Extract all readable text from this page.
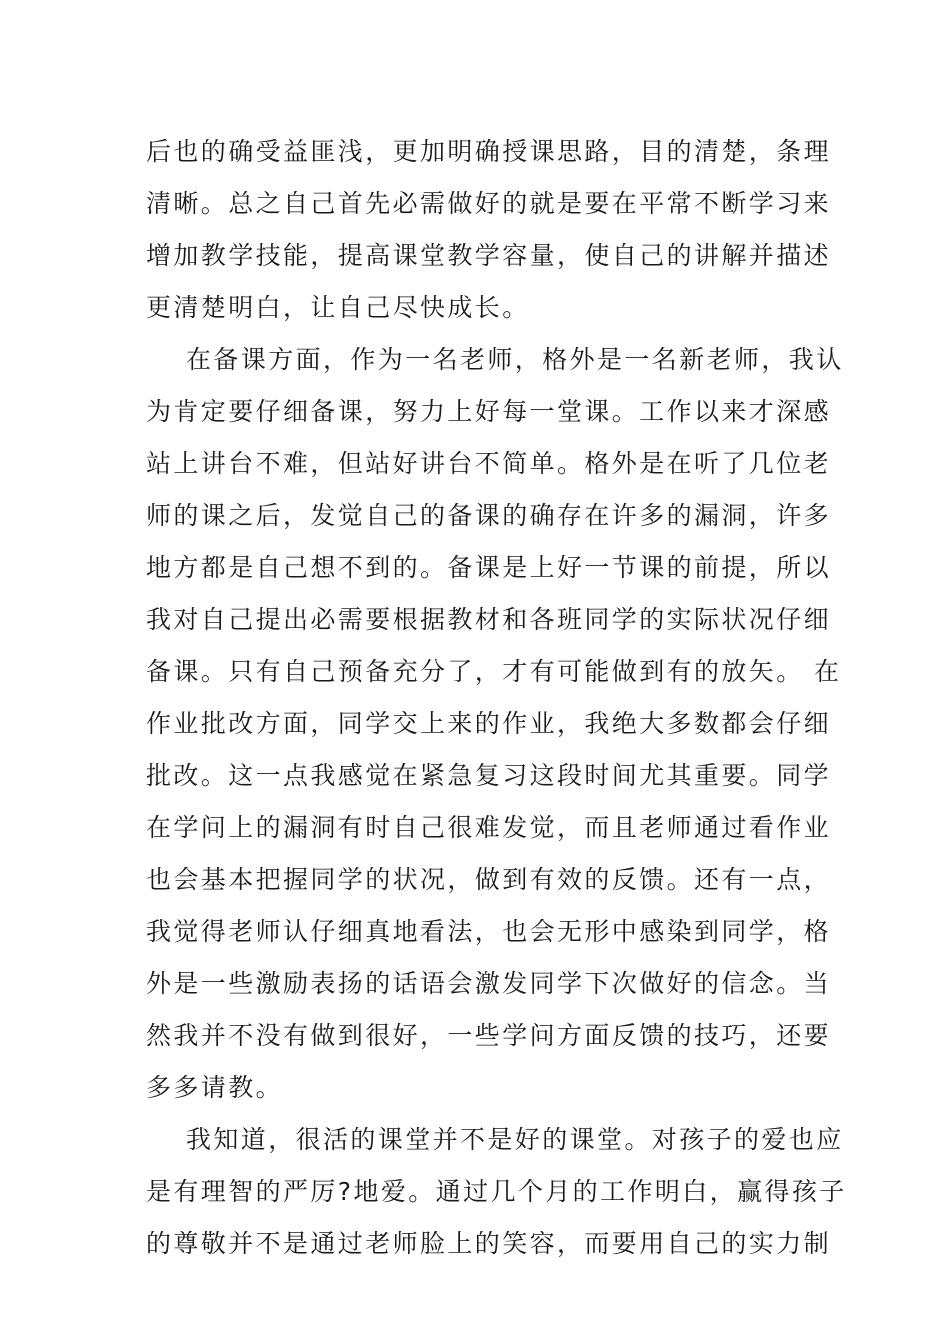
后也的确受益匪浅，更加明确授课思路，目的清楚，条理
清晰。总之自己首先必需做好的就是要在平常不断学习来
增加教学技能，提高课堂教学容量，使自己的讲解并描述
更清楚明白，让自己尽快成长。
在备课方面，作为一名老师，格外是一名新老师，我认
为肯定要仔细备课，努力上好每一堂课。工作以来才深感
站上讲台不难，但站好讲台不简单。格外是在听了几位老
师的课之后，发觉自己的备课的确存在许多的漏洞，许多
地方都是自己想不到的。备课是上好一节课的前提，所以
我对自己提出必需要根据教材和各班同学的实际状况仔细
备课。只有自己预备充分了，才有可能做到有的放矢。 在
作业批改方面，同学交上来的作业，我绝大多数都会仔细
批改。这一点我感觉在紧急复习这段时间尤其重要。同学
在学问上的漏洞有时自己很难发觉，而且老师通过看作业
也会基本把握同学的状况，做到有效的反馈。还有一点，
我觉得老师认仔细真地看法，也会无形中感染到同学，格
外是一些激励表扬的话语会激发同学下次做好的信念。当
然我并不没有做到很好，一些学问方面反馈的技巧，还要
多多请教。
我知道，很活的课堂并不是好的课堂。对孩子的爱也应
是有理智的严厉?地爱。通过几个月的工作明白，赢得孩子
的尊敬并不是通过老师脸上的笑容，而要用自己的实力制
